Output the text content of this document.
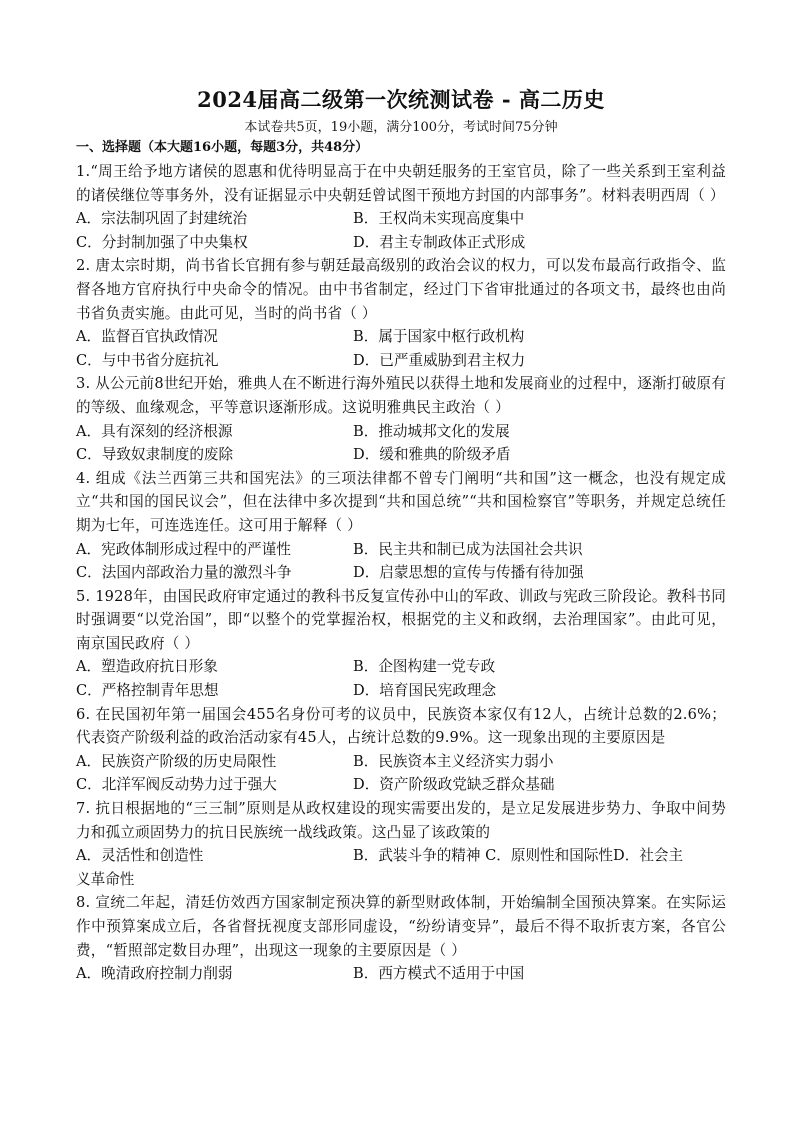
2024届高二级第一次统测试卷 - 高二历史

本试卷共5页，19小题，满分100分，考试时间75分钟

一、选择题（本大题16小题，每题3分，共48分）

1.“周王给予地方诸侯的恩惠和优待明显高于在中央朝廷服务的王室官员，除了一些关系到王室利益的诸侯继位等事务外，没有证据显示中央朝廷曾试图干预地方封国的内部事务”。材料表明西周（ ）

A．宗法制巩固了封建统治	B．王权尚未实现高度集中
C．分封制加强了中央集权	D．君主专制政体正式形成

2. 唐太宗时期，尚书省长官拥有参与朝廷最高级别的政治会议的权力，可以发布最高行政指令、监督各地方官府执行中央命令的情况。由中书省制定，经过门下省审批通过的各项文书，最终也由尚书省负责实施。由此可见，当时的尚书省（ ）

A．监督百官执政情况	B．属于国家中枢行政机构
C．与中书省分庭抗礼	D．已严重威胁到君主权力

3. 从公元前8世纪开始，雅典人在不断进行海外殖民以获得土地和发展商业的过程中，逐渐打破原有的等级、血缘观念，平等意识逐渐形成。这说明雅典民主政治（ ）

A．具有深刻的经济根源	B．推动城邦文化的发展
C．导致奴隶制度的废除	D．缓和雅典的阶级矛盾

4. 组成《法兰西第三共和国宪法》的三项法律都不曾专门阐明“共和国”这一概念，也没有规定成立“共和国的国民议会”，但在法律中多次提到“共和国总统”“共和国检察官”等职务，并规定总统任期为七年，可连选连任。这可用于解释（ ）

A．宪政体制形成过程中的严谨性	B．民主共和制已成为法国社会共识
C．法国内部政治力量的激烈斗争	D．启蒙思想的宣传与传播有待加强

5. 1928年，由国民政府审定通过的教科书反复宣传孙中山的军政、训政与宪政三阶段论。教科书同时强调要“以党治国”，即“以整个的党掌握治权，根据党的主义和政纲，去治理国家”。由此可见，南京国民政府（ ）

A．塑造政府抗日形象	B．企图构建一党专政
C．严格控制青年思想	D．培育国民宪政理念

6. 在民国初年第一届国会455名身份可考的议员中，民族资本家仅有12人，占统计总数的2.6%；代表资产阶级利益的政治活动家有45人，占统计总数的9.9%。这一现象出现的主要原因是

A．民族资产阶级的历史局限性	B．民族资本主义经济实力弱小
C．北洋军阀反动势力过于强大	D．资产阶级政党缺乏群众基础

7. 抗日根据地的“三三制”原则是从政权建设的现实需要出发的，是立足发展进步势力、争取中间势力和孤立顽固势力的抗日民族统一战线政策。这凸显了该政策的

A．灵活性和创造性	B．武装斗争的精神 C．原则性和国际性D．社会主
义革命性

8. 宣统二年起，清廷仿效西方国家制定预决算的新型财政体制，开始编制全国预决算案。在实际运作中预算案成立后，各省督抚视度支部形同虚设，“纷纷请变异”，最后不得不取折衷方案，各官公费，“暂照部定数目办理”，出现这一现象的主要原因是（ ）

A．晚清政府控制力削弱	B．西方模式不适用于中国
